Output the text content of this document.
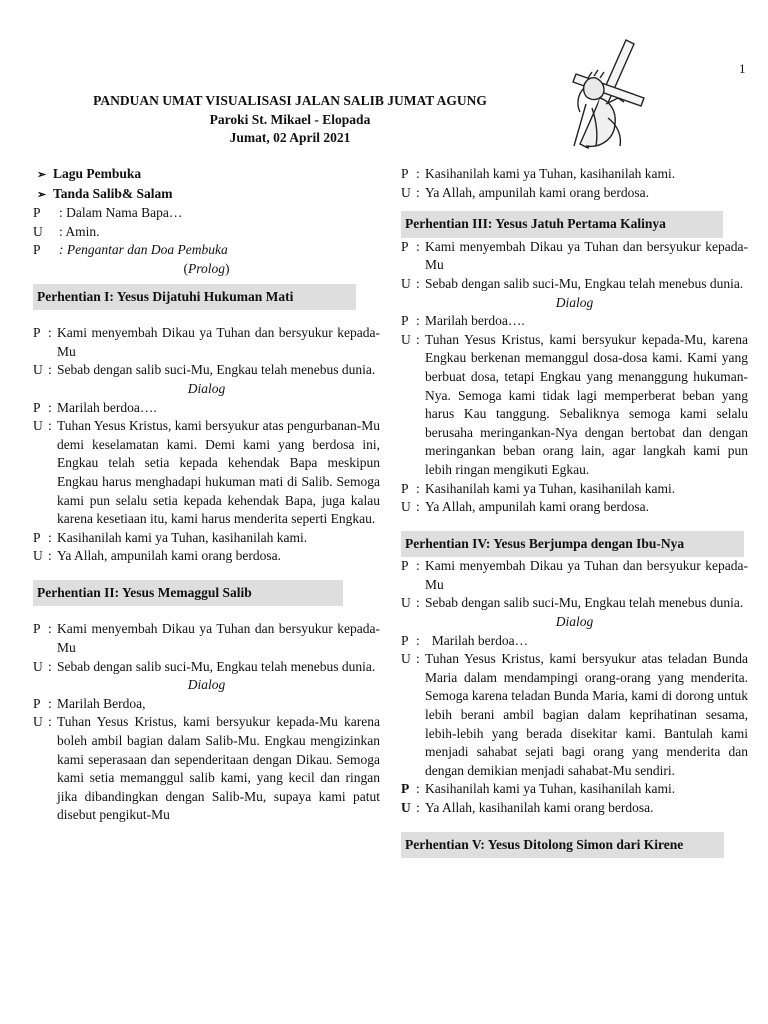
1
PANDUAN UMAT VISUALISASI JALAN SALIB JUMAT AGUNG
Paroki St. Mikael - Elopada
Jumat, 02 April 2021
➢ Lagu Pembuka
➢ Tanda Salib& Salam
P	: Dalam Nama Bapa…
U	: Amin.
P	: Pengantar dan Doa Pembuka
(Prolog)
Perhentian I: Yesus Dijatuhi Hukuman Mati
P : Kami menyembah Dikau ya Tuhan dan bersyukur kepada-Mu
U : Sebab dengan salib suci-Mu, Engkau telah menebus dunia.
Dialog
P : Marilah berdoa….
U : Tuhan Yesus Kristus, kami bersyukur atas pengurbanan-Mu demi keselamatan kami. Demi kami yang berdosa ini, Engkau telah setia kepada kehendak Bapa meskipun Engkau harus menghadapi hukuman mati di Salib. Semoga kami pun selalu setia kepada kehendak Bapa, juga kalau karena kesetiaan itu, kami harus menderita seperti Engkau.
P : Kasihanilah kami ya Tuhan, kasihanilah kami.
U : Ya Allah, ampunilah kami orang berdosa.
Perhentian II: Yesus Memaggul Salib
P : Kami menyembah Dikau ya Tuhan dan bersyukur kepada-Mu
U : Sebab dengan salib suci-Mu, Engkau telah menebus dunia.
Dialog
P : Marilah Berdoa,
U : Tuhan Yesus Kristus, kami bersyukur kepada-Mu karena boleh ambil bagian dalam Salib-Mu. Engkau mengizinkan kami seperasaan dan sependeritaan dengan Dikau. Semoga kami setia memanggul salib kami, yang kecil dan ringan jika dibandingkan dengan Salib-Mu, supaya kami patut disebut pengikut-Mu
P : Kasihanilah kami ya Tuhan, kasihanilah kami.
U : Ya Allah, ampunilah kami orang berdosa.
Perhentian III: Yesus Jatuh Pertama Kalinya
P : Kami menyembah Dikau ya Tuhan dan bersyukur kepada-Mu
U : Sebab dengan salib suci-Mu, Engkau telah menebus dunia.
Dialog
P : Marilah berdoa….
U : Tuhan Yesus Kristus, kami bersyukur kepada-Mu, karena Engkau berkenan memanggul dosa-dosa kami. Kami yang berbuat dosa, tetapi Engkau yang menanggung hukuman-Nya. Semoga kami tidak lagi memperberat beban yang harus Kau tanggung. Sebaliknya semoga kami selalu berusaha meringankan-Nya dengan bertobat dan dengan meringankan beban orang lain, agar langkah kami pun lebih ringan mengikuti Egkau.
P : Kasihanilah kami ya Tuhan, kasihanilah kami.
U : Ya Allah, ampunilah kami orang berdosa.
Perhentian IV: Yesus Berjumpa dengan Ibu-Nya
P : Kami menyembah Dikau ya Tuhan dan bersyukur kepada-Mu
U : Sebab dengan salib suci-Mu, Engkau telah menebus dunia.
Dialog
P : Marilah berdoa…
U : Tuhan Yesus Kristus, kami bersyukur atas teladan Bunda Maria dalam mendampingi orang-orang yang menderita. Semoga karena teladan Bunda Maria, kami di dorong untuk lebih berani ambil bagian dalam keprihatinan sesama, lebih-lebih yang berada disekitar kami. Bantulah kami menjadi sahabat sejati bagi orang yang menderita dan dengan demikian menjadi sahabat-Mu sendiri.
P : Kasihanilah kami ya Tuhan, kasihanilah kami.
U : Ya Allah, kasihanilah kami orang berdosa.
Perhentian V: Yesus Ditolong Simon dari Kirene
